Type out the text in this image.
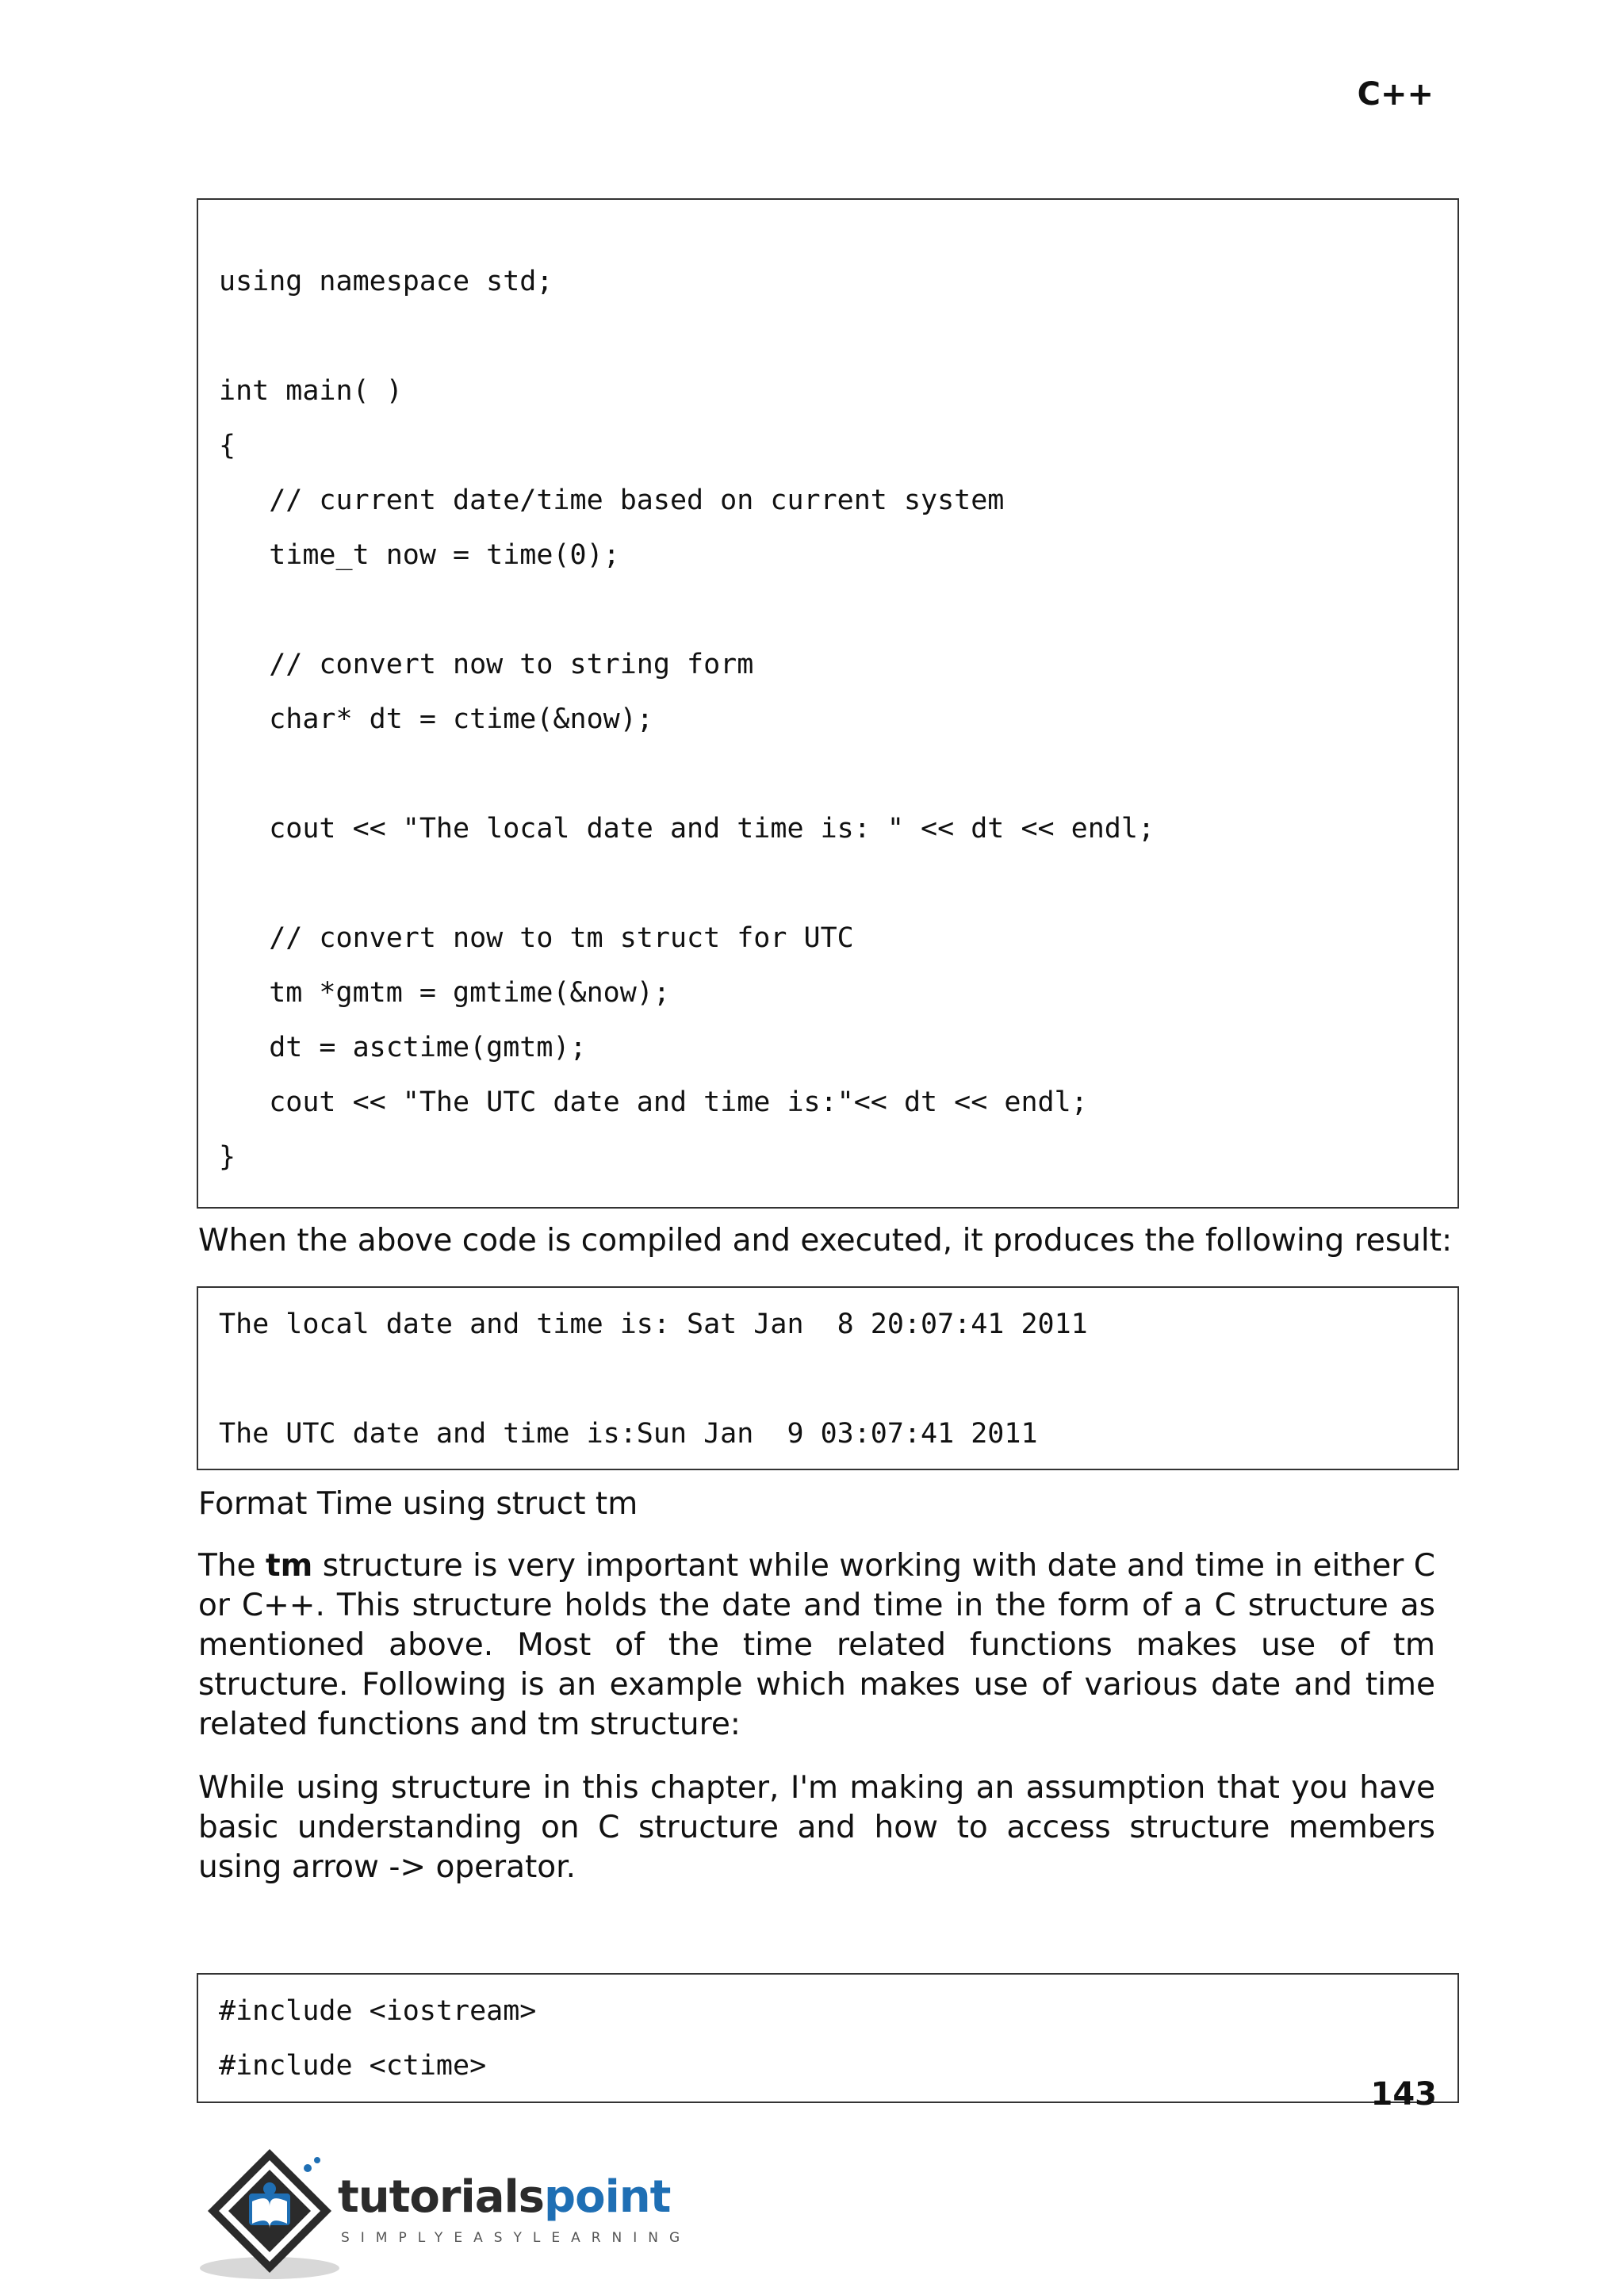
C++
using namespace std;
int main( )
{
// current date/time based on current system
time_t now = time(0);
// convert now to string form
char* dt = ctime(&now);
cout << "The local date and time is: " << dt << endl;
// convert now to tm struct for UTC
tm *gmtm = gmtime(&now);
dt = asctime(gmtm);
cout << "The UTC date and time is:"<< dt << endl;
}
When the above code is compiled and executed, it produces the following result:
The local date and time is: Sat Jan  8 20:07:41 2011
The UTC date and time is:Sun Jan  9 03:07:41 2011
Format Time using struct tm
The tm structure is very important while working with date and time in either C or C++. This structure holds the date and time in the form of a C structure as mentioned above. Most of the time related functions makes use of tm structure. Following is an example which makes use of various date and time related functions and tm structure:
While using structure in this chapter, I'm making an assumption that you have basic understanding on C structure and how to access structure members using arrow -> operator.
#include <iostream>
#include <ctime>
143
tutorialspoint
SIMPLYEASYLEARNING
